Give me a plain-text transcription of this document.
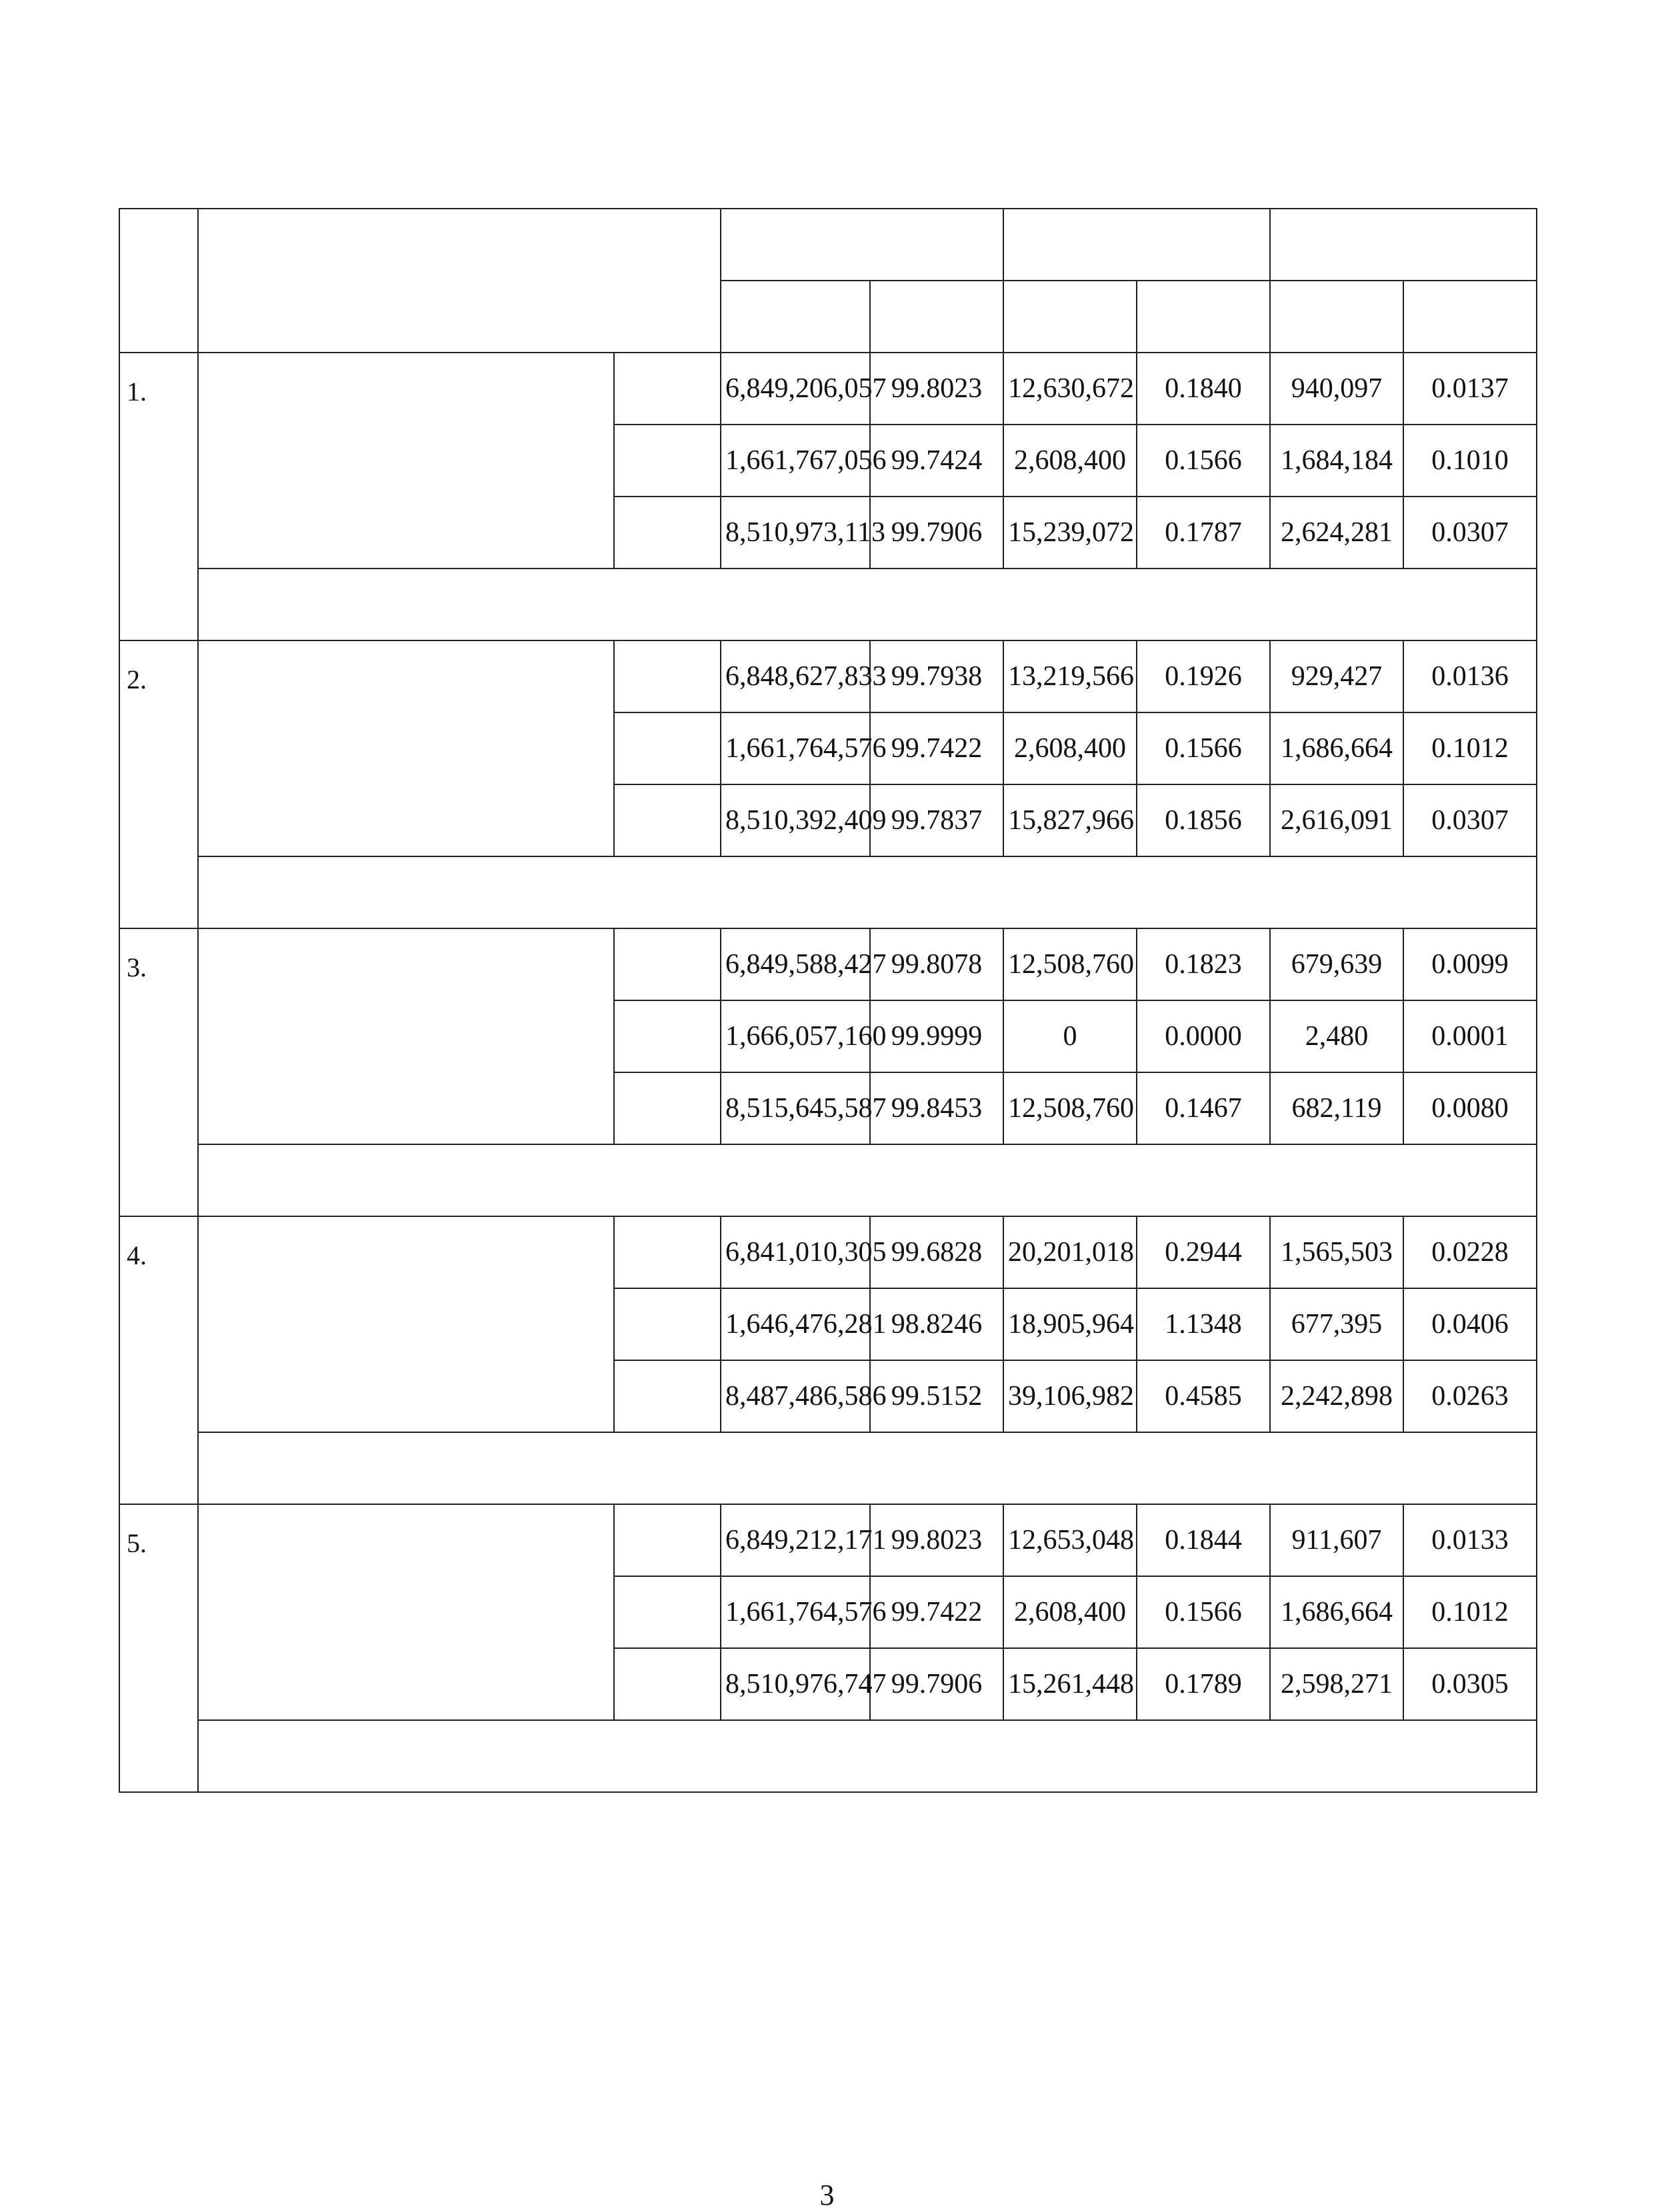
1.			6,849,206,057	99.8023	12,630,672	0.1840	940,097	0.0137
			1,661,767,056	99.7424	2,608,400	0.1566	1,684,184	0.1010
			8,510,973,113	99.7906	15,239,072	0.1787	2,624,281	0.0307

2.			6,848,627,833	99.7938	13,219,566	0.1926	929,427	0.0136
			1,661,764,576	99.7422	2,608,400	0.1566	1,686,664	0.1012
			8,510,392,409	99.7837	15,827,966	0.1856	2,616,091	0.0307

3.			6,849,588,427	99.8078	12,508,760	0.1823	679,639	0.0099
			1,666,057,160	99.9999	0	0.0000	2,480	0.0001
			8,515,645,587	99.8453	12,508,760	0.1467	682,119	0.0080

4.			6,841,010,305	99.6828	20,201,018	0.2944	1,565,503	0.0228
			1,646,476,281	98.8246	18,905,964	1.1348	677,395	0.0406
			8,487,486,586	99.5152	39,106,982	0.4585	2,242,898	0.0263

5.			6,849,212,171	99.8023	12,653,048	0.1844	911,607	0.0133
			1,661,764,576	99.7422	2,608,400	0.1566	1,686,664	0.1012
			8,510,976,747	99.7906	15,261,448	0.1789	2,598,271	0.0305

3
